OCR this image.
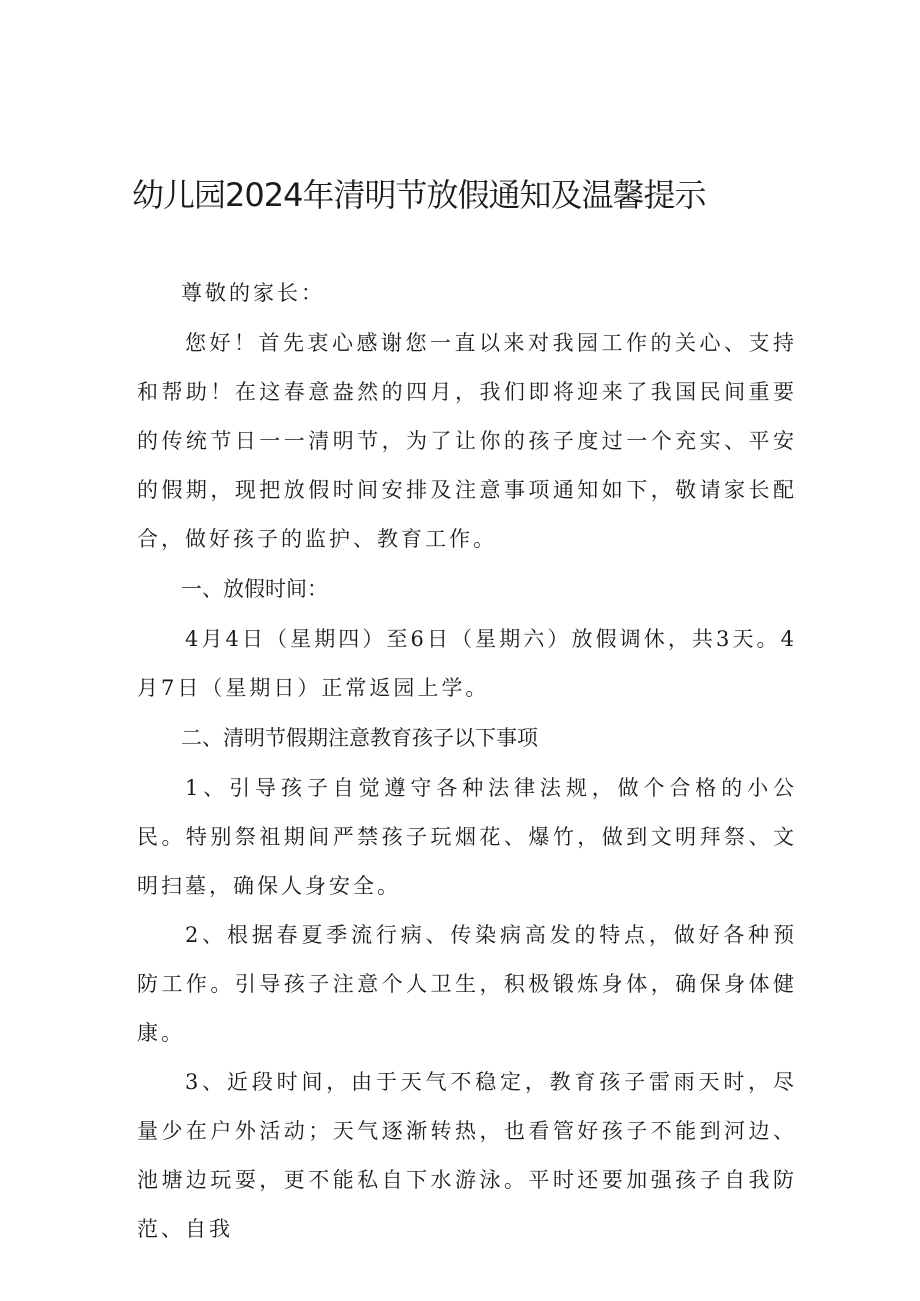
幼儿园2024年清明节放假通知及温馨提示

尊敬的家长：

您好！首先衷心感谢您一直以来对我园工作的关心、支持和帮助！在这春意盎然的四月，我们即将迎来了我国民间重要的传统节日一一清明节，为了让你的孩子度过一个充实、平安的假期，现把放假时间安排及注意事项通知如下，敬请家长配合，做好孩子的监护、教育工作。

一、放假时间：

4月4日（星期四）至6日（星期六）放假调休，共3天。4月7日（星期日）正常返园上学。

二、清明节假期注意教育孩子以下事项

1、引导孩子自觉遵守各种法律法规，做个合格的小公民。特别祭祖期间严禁孩子玩烟花、爆竹，做到文明拜祭、文明扫墓，确保人身安全。

2、根据春夏季流行病、传染病高发的特点，做好各种预防工作。引导孩子注意个人卫生，积极锻炼身体，确保身体健康。

3、近段时间，由于天气不稳定，教育孩子雷雨天时，尽量少在户外活动；天气逐渐转热，也看管好孩子不能到河边、池塘边玩耍，更不能私自下水游泳。平时还要加强孩子自我防范、自我
